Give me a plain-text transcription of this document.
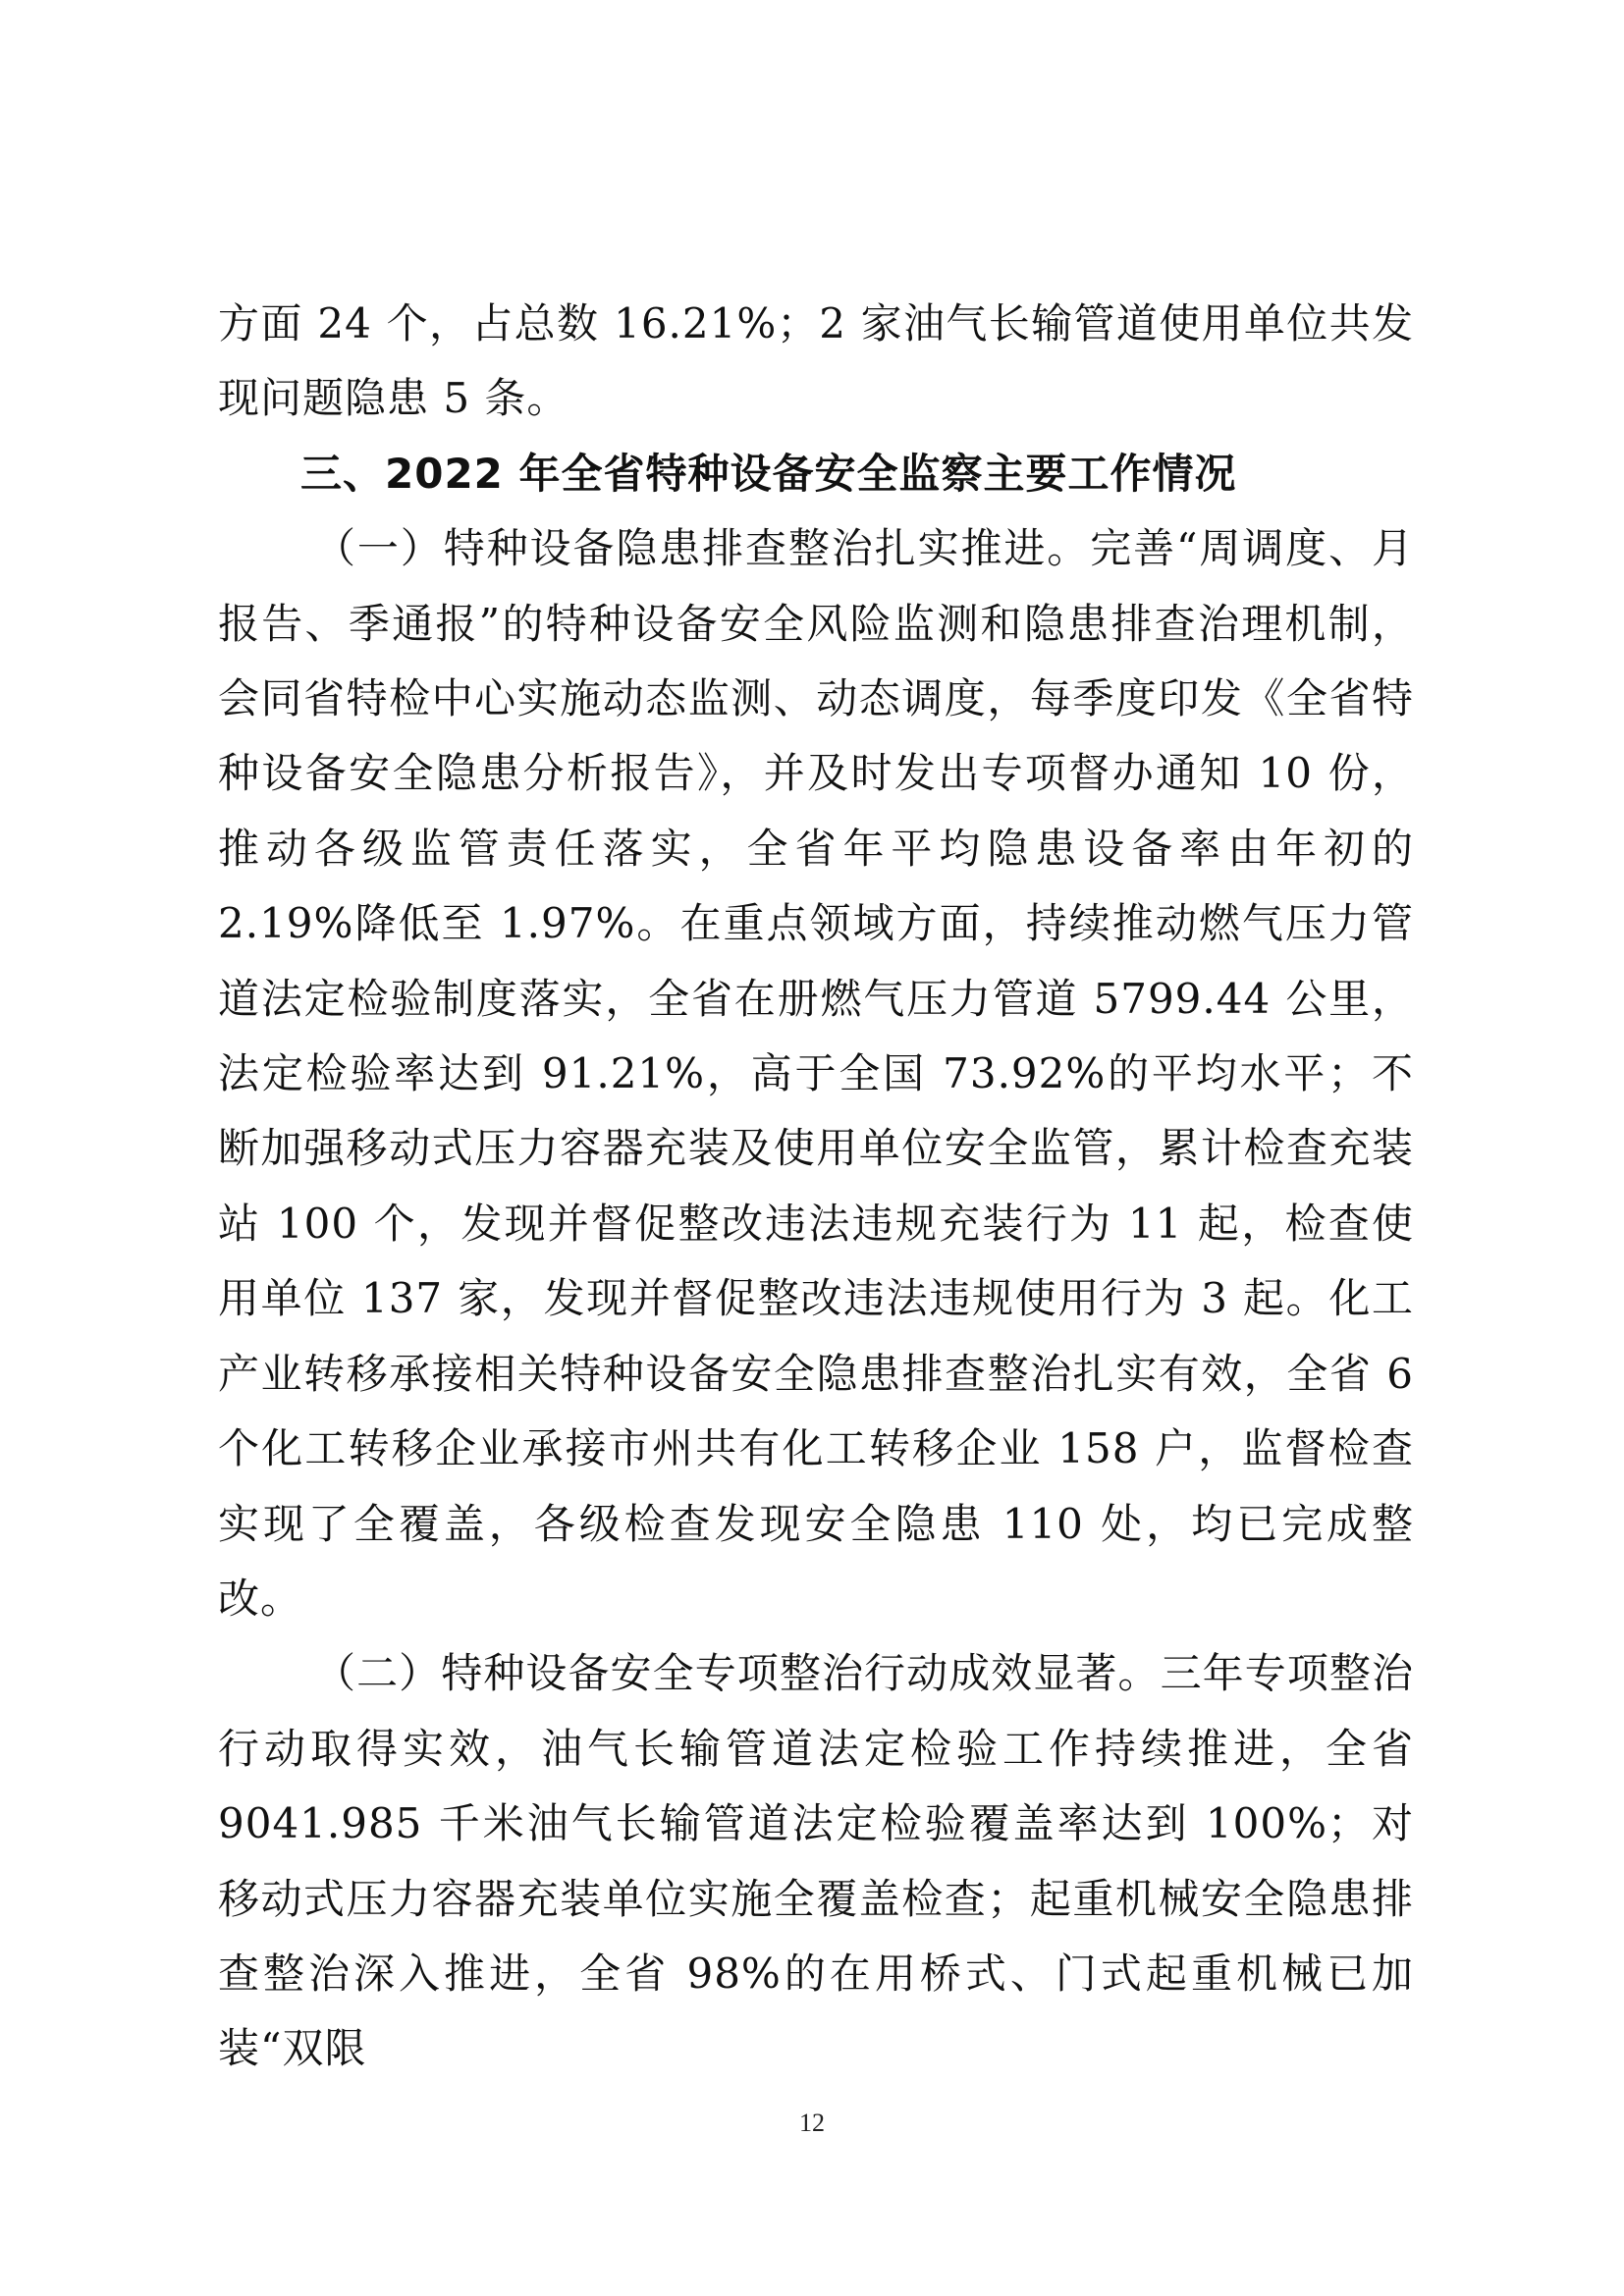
方面 24 个，占总数 16.21%；2 家油气长输管道使用单位共发现问题隐患 5 条。

三、2022 年全省特种设备安全监察主要工作情况

（一）特种设备隐患排查整治扎实推进。完善“周调度、月报告、季通报”的特种设备安全风险监测和隐患排查治理机制，会同省特检中心实施动态监测、动态调度，每季度印发《全省特种设备安全隐患分析报告》，并及时发出专项督办通知 10 份，推动各级监管责任落实，全省年平均隐患设备率由年初的 2.19%降低至 1.97%。在重点领域方面，持续推动燃气压力管道法定检验制度落实，全省在册燃气压力管道 5799.44 公里，法定检验率达到 91.21%，高于全国 73.92%的平均水平；不断加强移动式压力容器充装及使用单位安全监管，累计检查充装站 100 个，发现并督促整改违法违规充装行为 11 起，检查使用单位 137 家，发现并督促整改违法违规使用行为 3 起。化工产业转移承接相关特种设备安全隐患排查整治扎实有效，全省 6 个化工转移企业承接市州共有化工转移企业 158 户，监督检查实现了全覆盖，各级检查发现安全隐患 110 处，均已完成整改。

（二）特种设备安全专项整治行动成效显著。三年专项整治行动取得实效，油气长输管道法定检验工作持续推进，全省 9041.985 千米油气长输管道法定检验覆盖率达到 100%；对移动式压力容器充装单位实施全覆盖检查；起重机械安全隐患排查整治深入推进，全省 98%的在用桥式、门式起重机械已加装“双限

12
